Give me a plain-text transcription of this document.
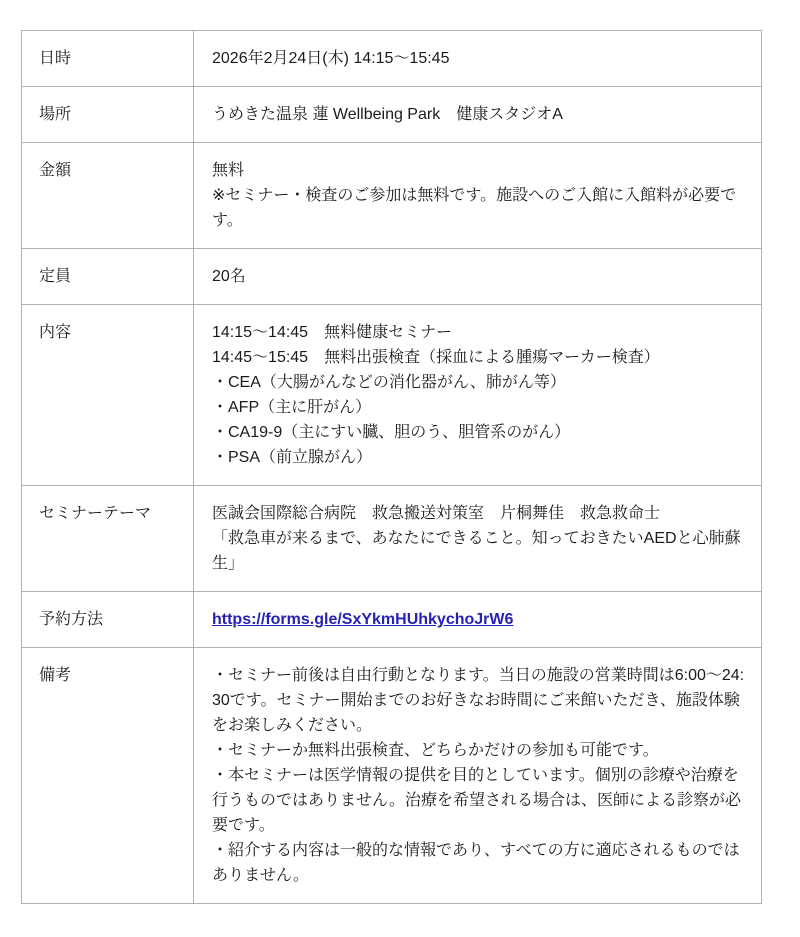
日時	2026年2月24日(木) 14:15〜15:45

場所	うめきた温泉 蓮 Wellbeing Park　健康スタジオA

金額	無料
※セミナー・検査のご参加は無料です。施設へのご入館に入館料が必要です。

定員	20名

内容	14:15〜14:45　無料健康セミナー
14:45〜15:45　無料出張検査（採血による腫瘍マーカー検査）
・CEA（大腸がんなどの消化器がん、肺がん等）
・AFP（主に肝がん）
・CA19-9（主にすい臓、胆のう、胆管系のがん）
・PSA（前立腺がん）

セミナーテーマ	医誠会国際総合病院　救急搬送対策室　片桐舞佳　救急救命士
「救急車が来るまで、あなたにできること。知っておきたいAEDと心肺蘇生」

予約方法	https://forms.gle/SxYkmHUhkychoJrW6
備考	・セミナー前後は自由行動となります。当日の施設の営業時間は6:00〜24:30です。セミナー開始までのお好きなお時間にご来館いただき、施設体験をお楽しみください。
・セミナーか無料出張検査、どちらかだけの参加も可能です。
・本セミナーは医学情報の提供を目的としています。個別の診療や治療を行うものではありません。治療を希望される場合は、医師による診察が必要です。
・紹介する内容は一般的な情報であり、すべての方に適応されるものではありません。
